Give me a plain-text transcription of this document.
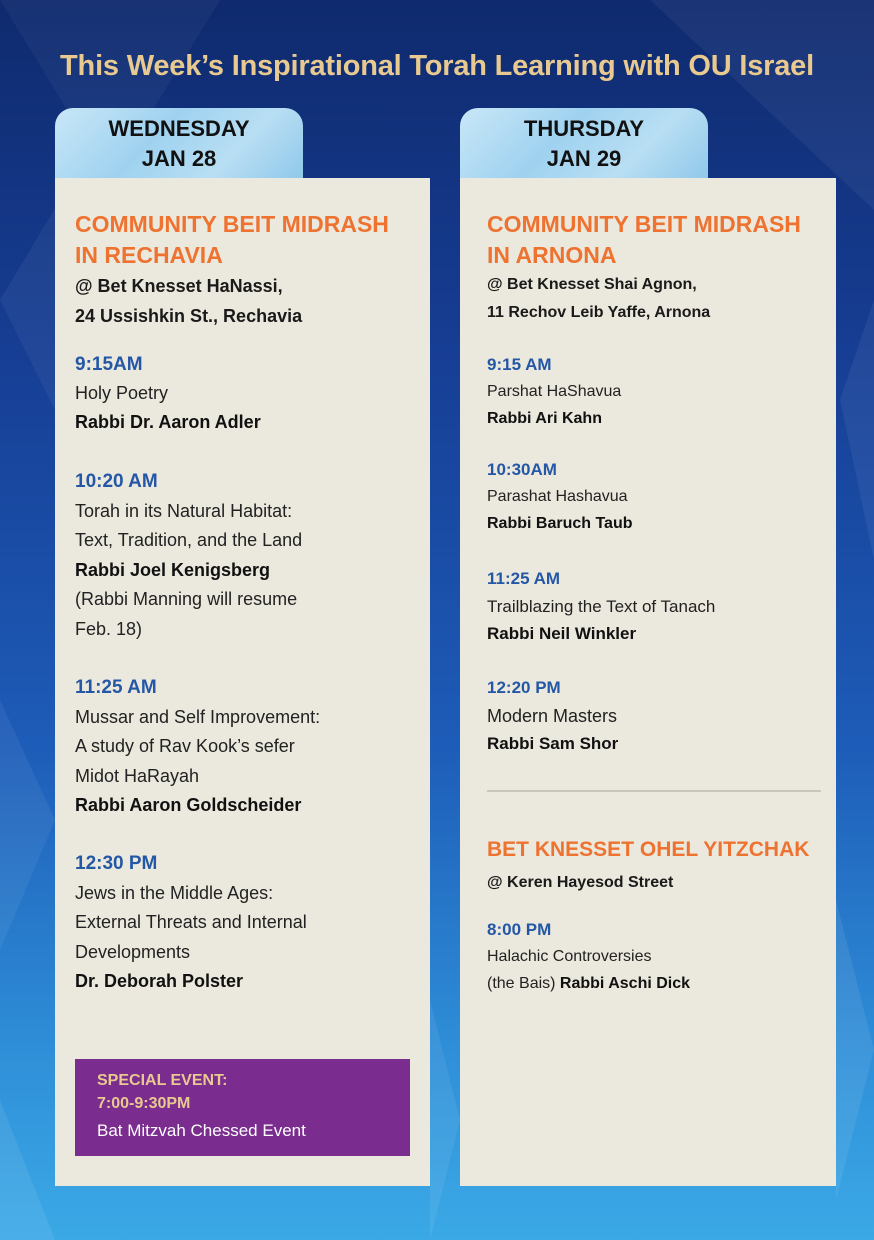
This Week’s Inspirational Torah Learning with OU Israel
WEDNESDAY
JAN 28
COMMUNITY BEIT MIDRASH
IN RECHAVIA
@ Bet Knesset HaNassi,
24 Ussishkin St., Rechavia
9:15AM
Holy Poetry
Rabbi Dr. Aaron Adler
10:20 AM
Torah in its Natural Habitat:
Text, Tradition, and the Land
Rabbi Joel Kenigsberg
(Rabbi Manning will resume
Feb. 18)
11:25 AM
Mussar and Self Improvement:
A study of Rav Kook’s sefer
Midot HaRayah
Rabbi Aaron Goldscheider
12:30 PM
Jews in the Middle Ages:
External Threats and Internal
Developments
Dr. Deborah Polster
SPECIAL EVENT:
7:00-9:30PM
Bat Mitzvah Chessed Event
THURSDAY
JAN 29
COMMUNITY BEIT MIDRASH
IN ARNONA
@ Bet Knesset Shai Agnon,
11 Rechov Leib Yaffe, Arnona
9:15 AM
Parshat HaShavua
Rabbi Ari Kahn
10:30AM
Parashat Hashavua
Rabbi Baruch Taub
11:25 AM
Trailblazing the Text of Tanach
Rabbi Neil Winkler
12:20 PM
Modern Masters
Rabbi Sam Shor
BET KNESSET OHEL YITZCHAK
@ Keren Hayesod Street
8:00 PM
Halachic Controversies
(the Bais) Rabbi Aschi Dick
